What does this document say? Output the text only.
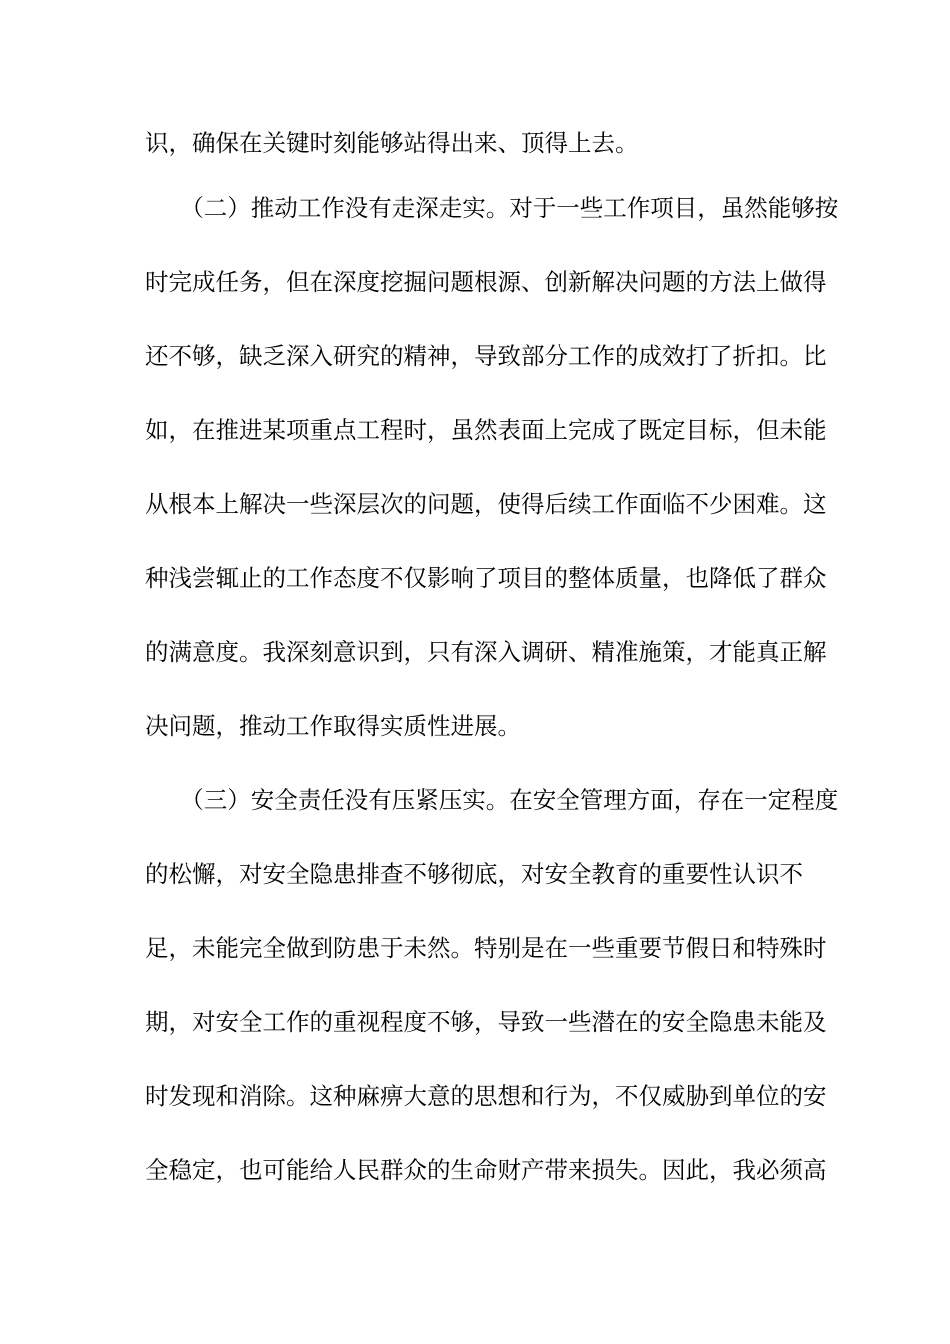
识，确保在关键时刻能够站得出来、顶得上去。
　　（二）推动工作没有走深走实。对于一些工作项目，虽然能够按
时完成任务，但在深度挖掘问题根源、创新解决问题的方法上做得
还不够，缺乏深入研究的精神，导致部分工作的成效打了折扣。比
如，在推进某项重点工程时，虽然表面上完成了既定目标，但未能
从根本上解决一些深层次的问题，使得后续工作面临不少困难。这
种浅尝辄止的工作态度不仅影响了项目的整体质量，也降低了群众
的满意度。我深刻意识到，只有深入调研、精准施策，才能真正解
决问题，推动工作取得实质性进展。
　　（三）安全责任没有压紧压实。在安全管理方面，存在一定程度
的松懈，对安全隐患排查不够彻底，对安全教育的重要性认识不
足，未能完全做到防患于未然。特别是在一些重要节假日和特殊时
期，对安全工作的重视程度不够，导致一些潜在的安全隐患未能及
时发现和消除。这种麻痹大意的思想和行为，不仅威胁到单位的安
全稳定，也可能给人民群众的生命财产带来损失。因此，我必须高
